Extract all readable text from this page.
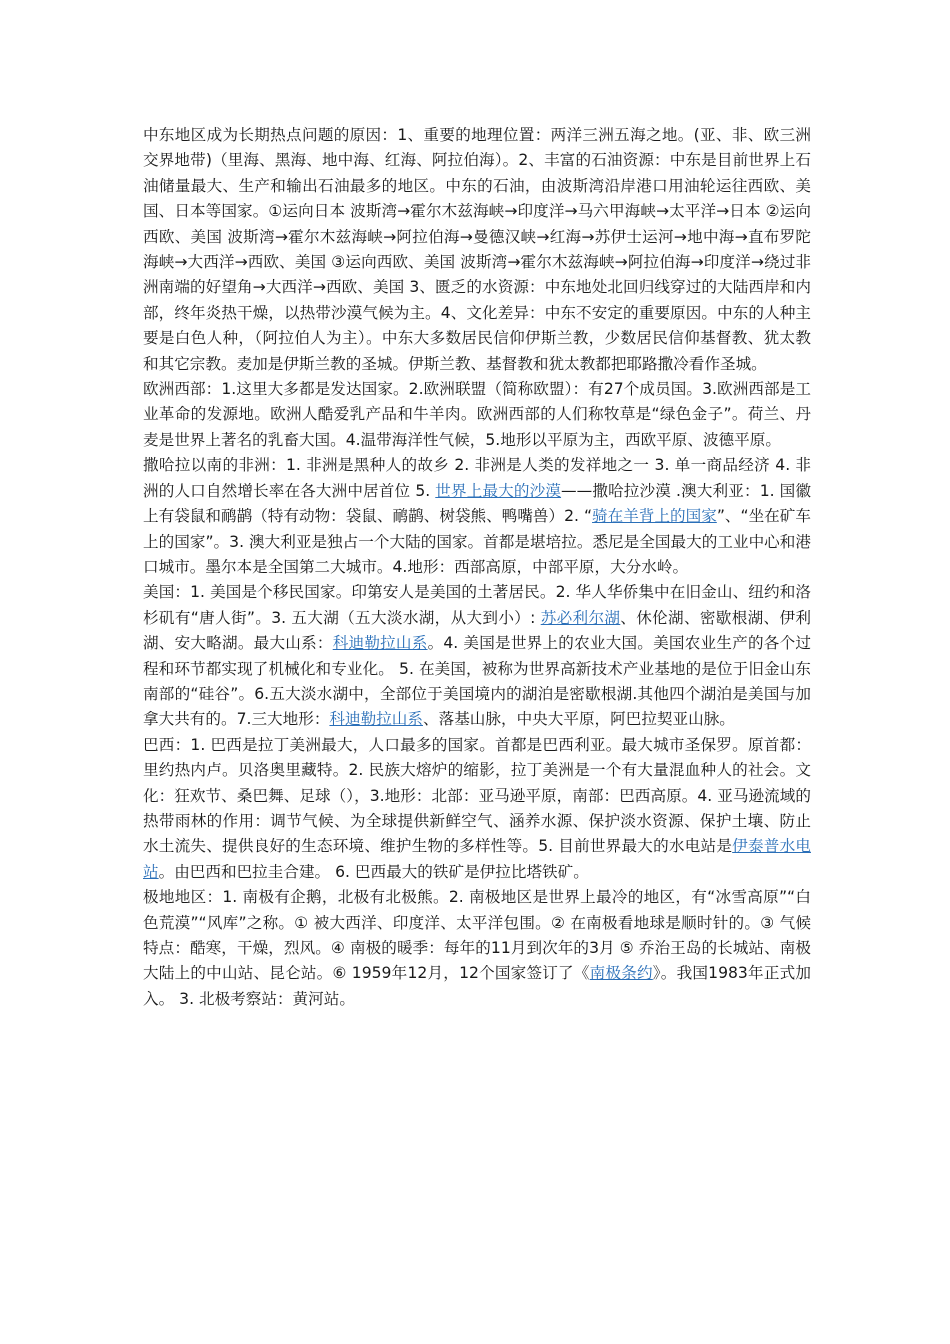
中东地区成为长期热点问题的原因：1、重要的地理位置：两洋三洲五海之地。(亚、非、欧三洲交界地带)（里海、黑海、地中海、红海、阿拉伯海）。2、丰富的石油资源：中东是目前世界上石油储量最大、生产和输出石油最多的地区。中东的石油，由波斯湾沿岸港口用油轮运往西欧、美国、日本等国家。①运向日本 波斯湾→霍尔木兹海峡→印度洋→马六甲海峡→太平洋→日本 ②运向西欧、美国 波斯湾→霍尔木兹海峡→阿拉伯海→曼德汉峡→红海→苏伊士运河→地中海→直布罗陀海峡→大西洋→西欧、美国 ③运向西欧、美国 波斯湾→霍尔木兹海峡→阿拉伯海→印度洋→绕过非洲南端的好望角→大西洋→西欧、美国 3、匮乏的水资源：中东地处北回归线穿过的大陆西岸和内部，终年炎热干燥，以热带沙漠气候为主。4、文化差异：中东不安定的重要原因。中东的人种主要是白色人种，（阿拉伯人为主）。中东大多数居民信仰伊斯兰教，少数居民信仰基督教、犹太教和其它宗教。麦加是伊斯兰教的圣城。伊斯兰教、基督教和犹太教都把耶路撒冷看作圣城。

欧洲西部：1.这里大多都是发达国家。2.欧洲联盟（简称欧盟）：有27个成员国。3.欧洲西部是工业革命的发源地。欧洲人酷爱乳产品和牛羊肉。欧洲西部的人们称牧草是“绿色金子”。荷兰、丹麦是世界上著名的乳畜大国。4.温带海洋性气候，5.地形以平原为主，西欧平原、波德平原。

撒哈拉以南的非洲：1. 非洲是黑种人的故乡 2. 非洲是人类的发祥地之一 3. 单一商品经济 4. 非洲的人口自然增长率在各大洲中居首位 5. 世界上最大的沙漠——撒哈拉沙漠 .澳大利亚：1. 国徽上有袋鼠和鸸鹋（特有动物：袋鼠、鸸鹋、树袋熊、鸭嘴兽）2. “骑在羊背上的国家”、“坐在矿车上的国家”。3. 澳大利亚是独占一个大陆的国家。首都是堪培拉。悉尼是全国最大的工业中心和港口城市。墨尔本是全国第二大城市。4.地形：西部高原，中部平原，大分水岭。

美国：1. 美国是个移民国家。印第安人是美国的土著居民。2. 华人华侨集中在旧金山、纽约和洛杉矶有“唐人街”。3. 五大湖（五大淡水湖，从大到小）: 苏必利尔湖、休伦湖、密歇根湖、伊利湖、安大略湖。最大山系：科迪勒拉山系。4. 美国是世界上的农业大国。美国农业生产的各个过程和环节都实现了机械化和专业化。 5. 在美国，被称为世界高新技术产业基地的是位于旧金山东南部的“硅谷”。6.五大淡水湖中，全部位于美国境内的湖泊是密歇根湖.其他四个湖泊是美国与加拿大共有的。7.三大地形：科迪勒拉山系、落基山脉，中央大平原，阿巴拉契亚山脉。

巴西：1. 巴西是拉丁美洲最大，人口最多的国家。首都是巴西利亚。最大城市圣保罗。原首都：里约热内卢。贝洛奥里藏特。2. 民族大熔炉的缩影，拉丁美洲是一个有大量混血种人的社会。文化：狂欢节、桑巴舞、足球（），3.地形：北部：亚马逊平原，南部：巴西高原。4. 亚马逊流域的热带雨林的作用：调节气候、为全球提供新鲜空气、涵养水源、保护淡水资源、保护土壤、防止水土流失、提供良好的生态环境、维护生物的多样性等。5. 目前世界最大的水电站是伊泰普水电站。由巴西和巴拉圭合建。 6. 巴西最大的铁矿是伊拉比塔铁矿。

极地地区：1. 南极有企鹅，北极有北极熊。2. 南极地区是世界上最冷的地区，有“冰雪高原”“白色荒漠”“风库”之称。① 被大西洋、印度洋、太平洋包围。② 在南极看地球是顺时针的。③ 气候特点：酷寒，干燥，烈风。④ 南极的暖季：每年的11月到次年的3月 ⑤ 乔治王岛的长城站、南极大陆上的中山站、昆仑站。⑥ 1959年12月，12个国家签订了《南极条约》。我国1983年正式加入。 3. 北极考察站：黄河站。
